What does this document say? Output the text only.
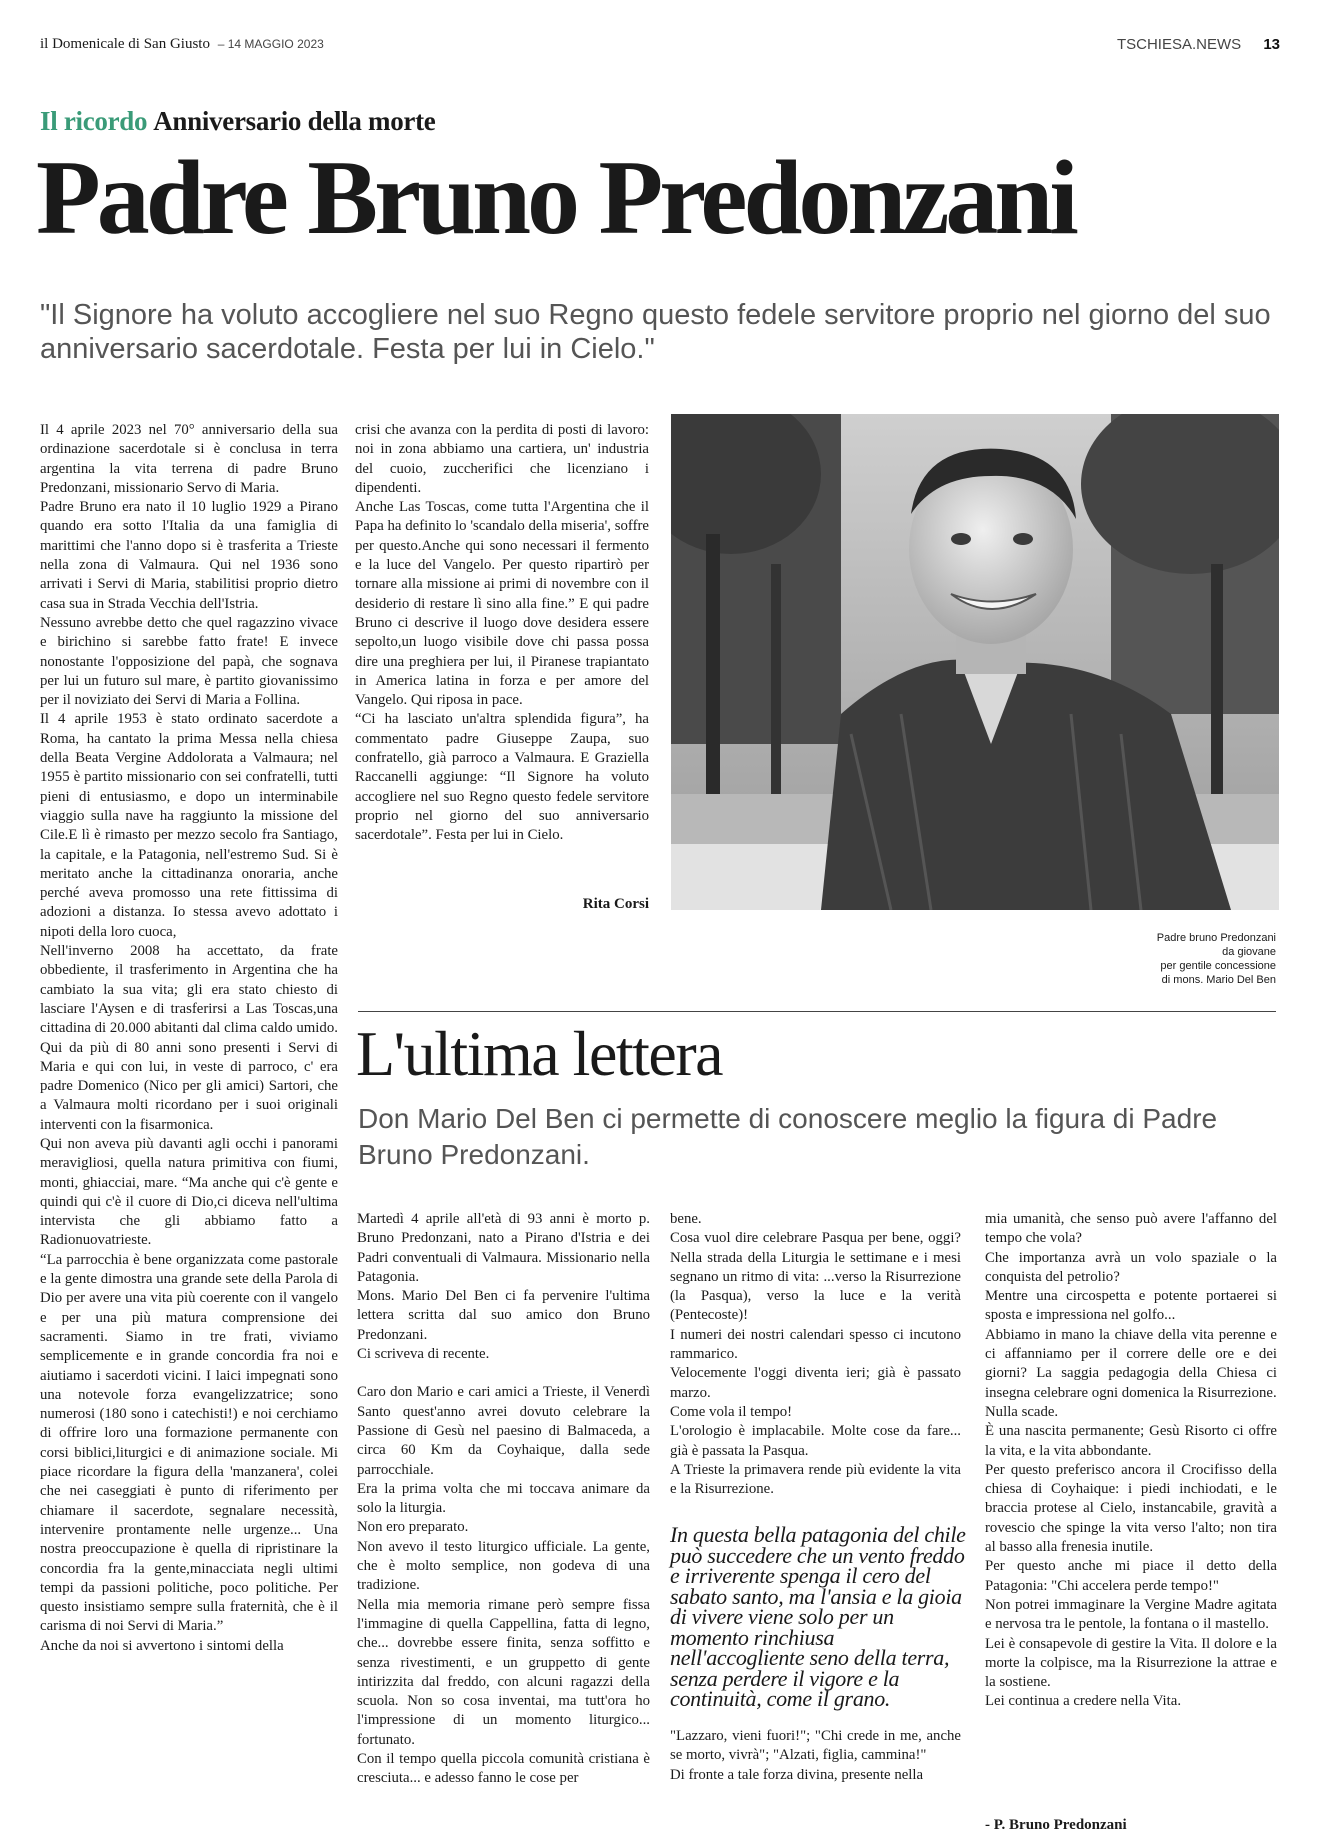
il Domenicale di San Giusto – 14 MAGGIO 2023	TSCHIESA.NEWS 13
Il ricordo Anniversario della morte
Padre Bruno Predonzani
"Il Signore ha voluto accogliere nel suo Regno questo fedele servitore proprio nel giorno del suo anniversario sacerdotale. Festa per lui in Cielo."

Il 4 aprile 2023 nel 70° anniversario della sua ordinazione sacerdotale si è conclusa in terra argentina la vita terrena di padre Bruno Predonzani, missionario Servo di Maria.

Padre Bruno era nato il 10 luglio 1929 a Pirano quando era sotto l'Italia da una famiglia di marittimi che l'anno dopo si è trasferita a Trieste nella zona di Valmaura. Qui nel 1936 sono arrivati i Servi di Maria, stabilitisi proprio dietro casa sua in Strada Vecchia dell'Istria.

Nessuno avrebbe detto che quel ragazzino vivace e birichino si sarebbe fatto frate! E invece nonostante l'opposizione del papà, che sognava per lui un futuro sul mare, è partito giovanissimo per il noviziato dei Servi di Maria a Follina.

Il 4 aprile 1953 è stato ordinato sacerdote a Roma, ha cantato la prima Messa nella chiesa della Beata Vergine Addolorata a Valmaura; nel 1955 è partito missionario con sei confratelli, tutti pieni di entusiasmo, e dopo un interminabile viaggio sulla nave ha raggiunto la missione del Cile.E lì è rimasto per mezzo secolo fra Santiago, la capitale, e la Patagonia, nell'estremo Sud. Si è meritato anche la cittadinanza onoraria, anche perché aveva promosso una rete fittissima di adozioni a distanza. Io stessa avevo adottato i nipoti della loro cuoca,

Nell'inverno 2008 ha accettato, da frate obbediente, il trasferimento in Argentina che ha cambiato la sua vita; gli era stato chiesto di lasciare l'Aysen e di trasferirsi a Las Toscas,una cittadina di 20.000 abitanti dal clima caldo umido.

Qui da più di 80 anni sono presenti i Servi di Maria e qui con lui, in veste di parroco, c' era padre Domenico (Nico per gli amici) Sartori, che a Valmaura molti ricordano per i suoi originali interventi con la fisarmonica.

Qui non aveva più davanti agli occhi i panorami meravigliosi, quella natura primitiva con fiumi, monti, ghiacciai, mare. “Ma anche qui c'è gente e quindi qui c'è il cuore di Dio,ci diceva nell'ultima intervista che gli abbiamo fatto a Radionuovatrieste.

“La parrocchia è bene organizzata come pastorale e la gente dimostra una grande sete della Parola di Dio per avere una vita più coerente con il vangelo e per una più matura comprensione dei sacramenti. Siamo in tre frati, viviamo semplicemente e in grande concordia fra noi e aiutiamo i sacerdoti vicini. I laici impegnati sono una notevole forza evangelizzatrice; sono numerosi (180 sono i catechisti!) e noi cerchiamo di offrire loro una formazione permanente con corsi biblici,liturgici e di animazione sociale. Mi piace ricordare la figura della 'manzanera', colei che nei caseggiati è punto di riferimento per chiamare il sacerdote, segnalare necessità, intervenire prontamente nelle urgenze... Una nostra preoccupazione è quella di ripristinare la concordia fra la gente,minacciata negli ultimi tempi da passioni politiche, poco politiche. Per questo insistiamo sempre sulla fraternità, che è il carisma di noi Servi di Maria.”

Anche da noi si avvertono i sintomi della

crisi che avanza con la perdita di posti di lavoro: noi in zona abbiamo una cartiera, un' industria del cuoio, zuccherifici che licenziano i dipendenti.

Anche Las Toscas, come tutta l'Argentina che il Papa ha definito lo 'scandalo della miseria', soffre per questo.Anche qui sono necessari il fermento e la luce del Vangelo. Per questo ripartirò per tornare alla missione ai primi di novembre con il desiderio di restare lì sino alla fine.” E qui padre Bruno ci descrive il luogo dove desidera essere sepolto,un luogo visibile dove chi passa possa dire una preghiera per lui, il Piranese trapiantato in America latina in forza e per amore del Vangelo. Qui riposa in pace.

“Ci ha lasciato un'altra splendida figura”, ha commentato padre Giuseppe Zaupa, suo confratello, già parroco a Valmaura. E Graziella Raccanelli aggiunge: “Il Signore ha voluto accogliere nel suo Regno questo fedele servitore proprio nel giorno del suo anniversario sacerdotale”. Festa per lui in Cielo.

Rita Corsi
Padre bruno Predonzani
da giovane
per gentile concessione
di mons. Mario Del Ben
L'ultima lettera
Don Mario Del Ben ci permette di conoscere meglio la figura di Padre Bruno Predonzani.

Martedì 4 aprile all'età di 93 anni è morto p. Bruno Predonzani, nato a Pirano d'Istria e dei Padri conventuali di Valmaura. Missionario nella Patagonia.

Mons. Mario Del Ben ci fa pervenire l'ultima lettera scritta dal suo amico don Bruno Predonzani.

Ci scriveva di recente.

Caro don Mario e cari amici a Trieste, il Venerdì Santo quest'anno avrei dovuto celebrare la Passione di Gesù nel paesino di Balmaceda, a circa 60 Km da Coyhaique, dalla sede parrocchiale.

Era la prima volta che mi toccava animare da solo la liturgia.

Non ero preparato.

Non avevo il testo liturgico ufficiale. La gente, che è molto semplice, non godeva di una tradizione.

Nella mia memoria rimane però sempre fissa l'immagine di quella Cappellina, fatta di legno, che... dovrebbe essere finita, senza soffitto e senza rivestimenti, e un gruppetto di gente intirizzita dal freddo, con alcuni ragazzi della scuola. Non so cosa inventai, ma tutt'ora ho l'impressione di un momento liturgico... fortunato.

Con il tempo quella piccola comunità cristiana è cresciuta... e adesso fanno le cose per

bene.

Cosa vuol dire celebrare Pasqua per bene, oggi? Nella strada della Liturgia le settimane e i mesi segnano un ritmo di vita: ...verso la Risurrezione (la Pasqua), verso la luce e la verità (Pentecoste)!

I numeri dei nostri calendari spesso ci incutono rammarico.

Velocemente l'oggi diventa ieri; già è passato marzo.

Come vola il tempo!

L'orologio è implacabile. Molte cose da fare... già è passata la Pasqua.

A Trieste la primavera rende più evidente la vita e la Risurrezione.

In questa bella patagonia del chile può succedere che un vento freddo e irriverente spenga il cero del sabato santo, ma l'ansia e la gioia di vivere viene solo per un momento rinchiusa nell'accogliente seno della terra, senza perdere il vigore e la continuità, come il grano.

"Lazzaro, vieni fuori!"; "Chi crede in me, anche se morto, vivrà"; "Alzati, figlia, cammina!"

Di fronte a tale forza divina, presente nella

mia umanità, che senso può avere l'affanno del tempo che vola?

Che importanza avrà un volo spaziale o la conquista del petrolio?

Mentre una circospetta e potente portaerei si sposta e impressiona nel golfo...

Abbiamo in mano la chiave della vita perenne e ci affanniamo per il correre delle ore e dei giorni? La saggia pedagogia della Chiesa ci insegna celebrare ogni domenica la Risurrezione.

Nulla scade.

È una nascita permanente; Gesù Risorto ci offre la vita, e la vita abbondante.

Per questo preferisco ancora il Crocifisso della chiesa di Coyhaique: i piedi inchiodati, e le braccia protese al Cielo, instancabile, gravità a rovescio che spinge la vita verso l'alto; non tira al basso alla frenesia inutile.

Per questo anche mi piace il detto della Patagonia: "Chi accelera perde tempo!"

Non potrei immaginare la Vergine Madre agitata e nervosa tra le pentole, la fontana o il mastello.

Lei è consapevole di gestire la Vita. Il dolore e la morte la colpisce, ma la Risurrezione la attrae e la sostiene.

Lei continua a credere nella Vita.

- P. Bruno Predonzani
